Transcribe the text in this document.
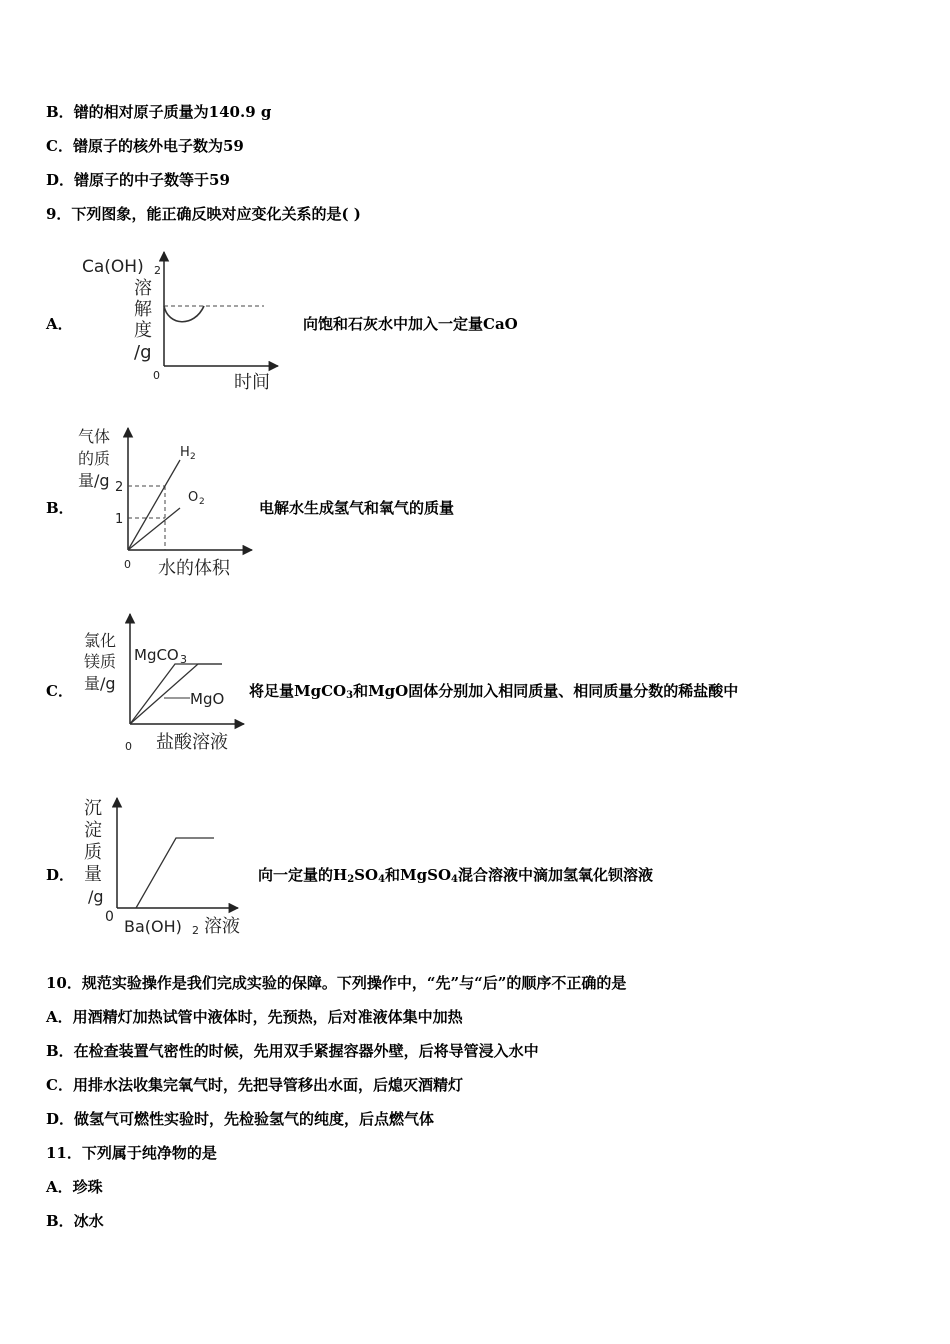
B．镨的相对原子质量为140.9 g
C．镨原子的核外电子数为59
D．镨原子的中子数等于59
9．下列图象，能正确反映对应变化关系的是( )
A．
Ca(OH) 2
溶
解
度
/g
0	时间
向饱和石灰水中加入一定量CaO
B．
气体
的质
量/g 2
1
H 2
O 2
0 水的体积
电解水生成氢气和氧气的质量
C．
氯化
镁质
量/g
MgCO 3
MgO
0 盐酸溶液
将足量MgCO$_3$和MgO固体分别加入相同质量、相同质量分数的稀盐酸中
D．
沉
淀
质
量
/g
0 Ba(OH) 2 溶液
向一定量的$H_2SO_4$和MgSO$_4$混合溶液中滴加氢氧化钡溶液
10．规范实验操作是我们完成实验的保障。下列操作中，“先”与“后”的顺序不正确的是
A．用酒精灯加热试管中液体时，先预热，后对准液体集中加热
B．在检查装置气密性的时候，先用双手紧握容器外壁，后将导管浸入水中
C．用排水法收集完氧气时，先把导管移出水面，后熄灭酒精灯
D．做氢气可燃性实验时，先检验氢气的纯度，后点燃气体
11．下列属于纯净物的是
A．珍珠
B．冰水
